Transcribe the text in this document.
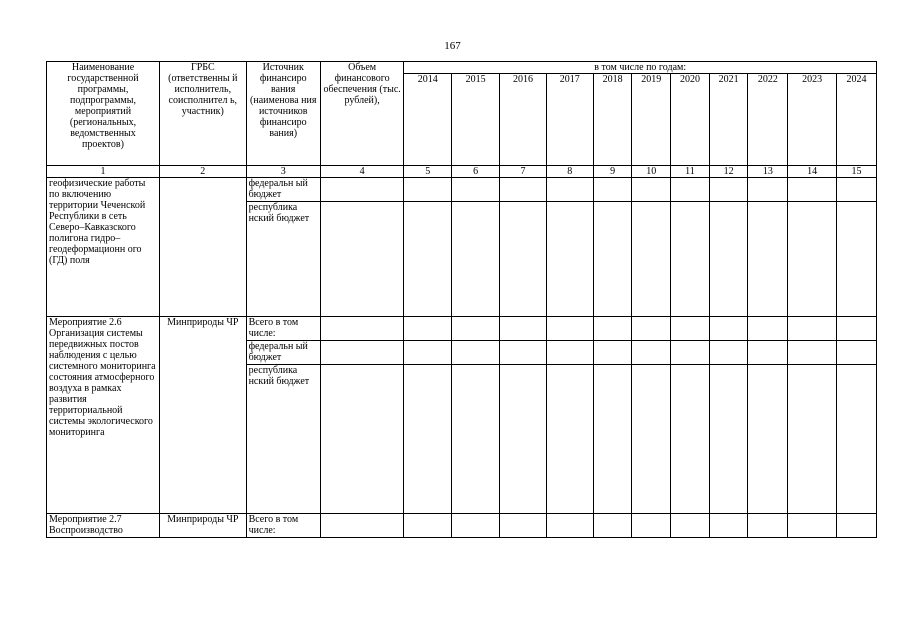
167
Наименование государственной программы, подпрограммы, мероприятий (региональных, ведомственных проектов)	ГРБС (ответственны й исполнитель, соисполнител ь, участник)	Источник финансиро вания (наименова ния источников финансиро вания)	Объем финансового обеспечения (тыс. рублей),	в том числе по годам:										
				2014	2015	2016	2017	2018	2019	2020	2021	2022	2023	2024
1	2	3	4	5	6	7	8	9	10	11	12	13	14	15
геофизические работы по включению территории Чеченской Республики в сеть Северо–Кавказского полигона гидро–геодеформационн ого (ГД) поля		федеральн ый бюджет												
		республика нский бюджет												
Мероприятие 2.6 Организация системы передвижных постов наблюдения с целью системного мониторинга состояния атмосферного воздуха в рамках развития территориальной системы экологического мониторинга	Минприроды ЧР	Всего в том числе:												
		федеральн ый бюджет												
		республика нский бюджет												
Мероприятие 2.7 Воспроизводство	Минприроды ЧР	Всего в том числе:												
